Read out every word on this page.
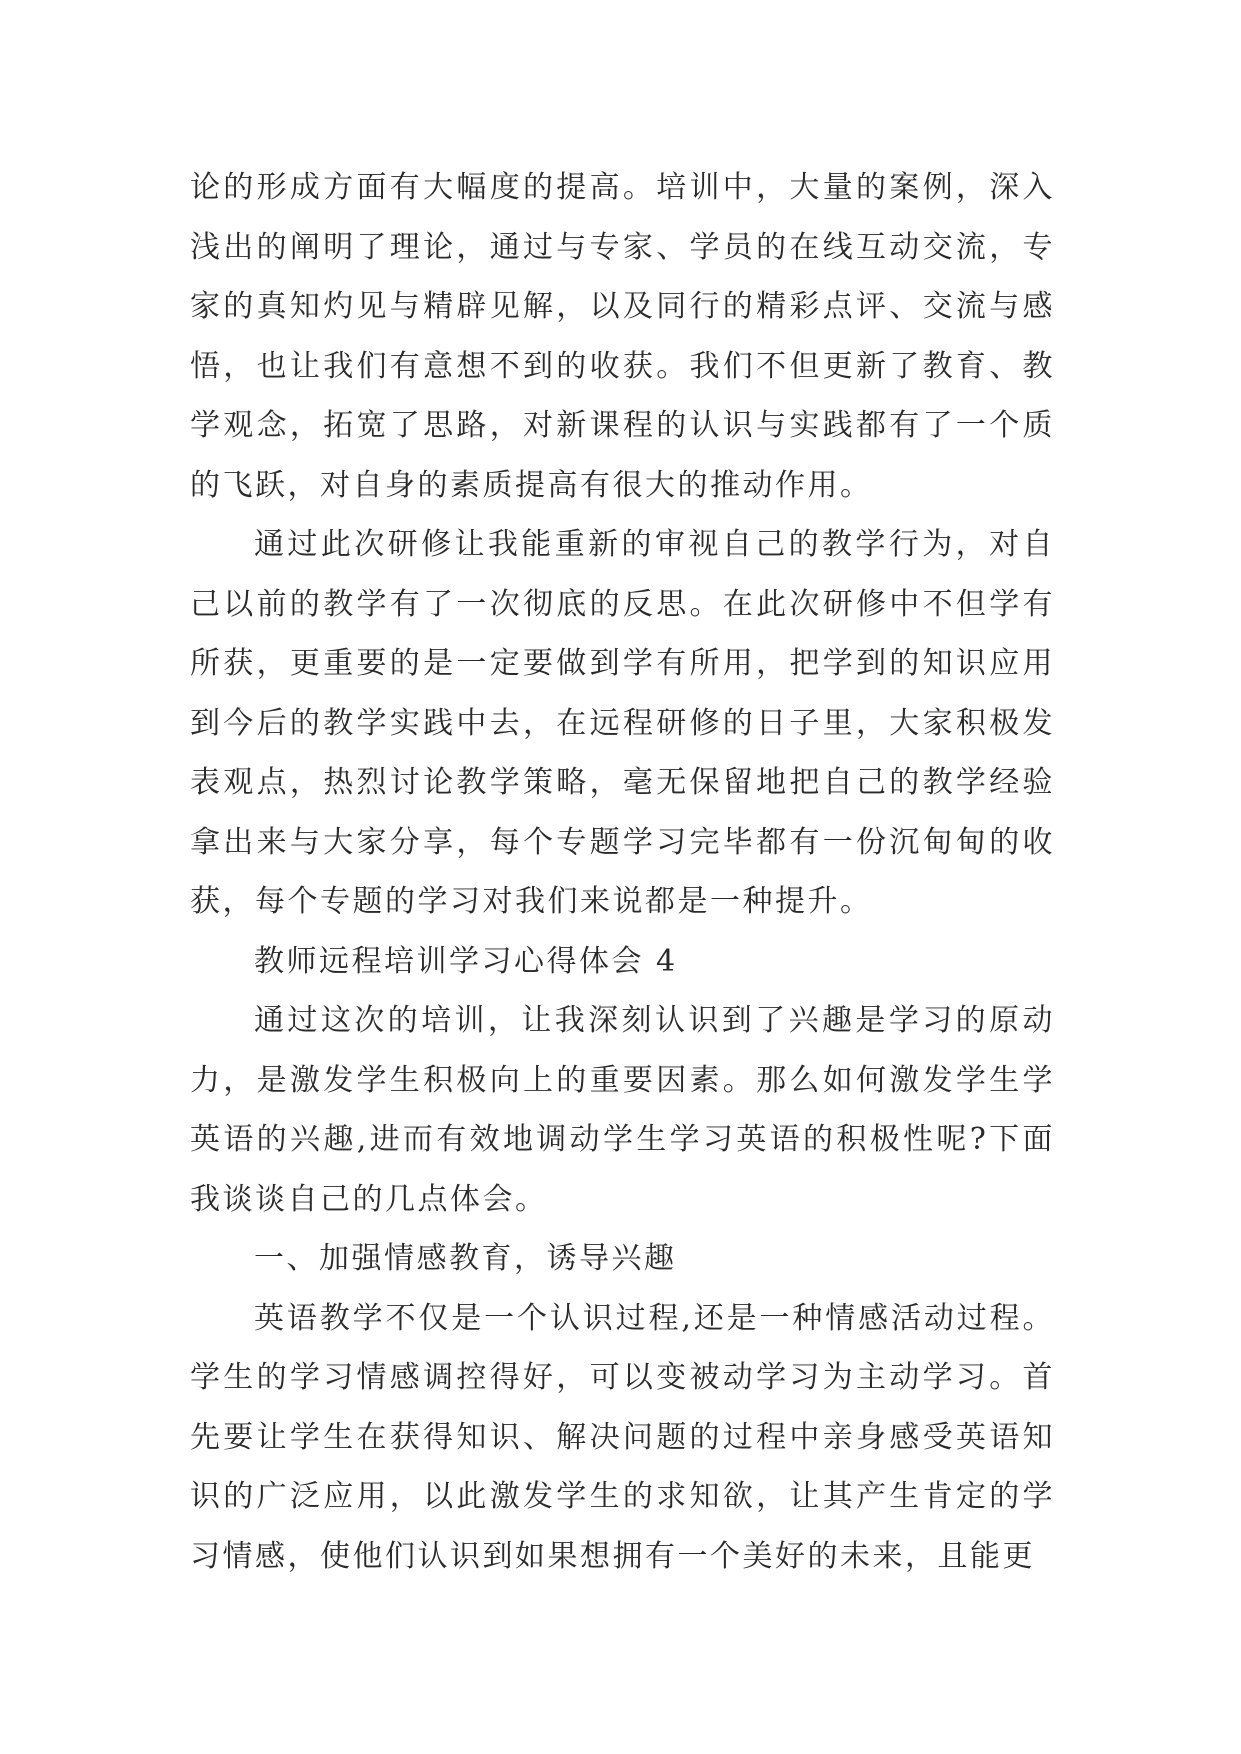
论的形成方面有大幅度的提高。培训中，大量的案例，深入浅出的阐明了理论，通过与专家、学员的在线互动交流，专家的真知灼见与精辟见解，以及同行的精彩点评、交流与感悟，也让我们有意想不到的收获。我们不但更新了教育、教学观念，拓宽了思路，对新课程的认识与实践都有了一个质的飞跃，对自身的素质提高有很大的推动作用。

通过此次研修让我能重新的审视自己的教学行为，对自己以前的教学有了一次彻底的反思。在此次研修中不但学有所获，更重要的是一定要做到学有所用，把学到的知识应用到今后的教学实践中去，在远程研修的日子里，大家积极发表观点，热烈讨论教学策略，毫无保留地把自己的教学经验拿出来与大家分享，每个专题学习完毕都有一份沉甸甸的收获，每个专题的学习对我们来说都是一种提升。

教师远程培训学习心得体会 4

通过这次的培训，让我深刻认识到了兴趣是学习的原动力，是激发学生积极向上的重要因素。那么如何激发学生学英语的兴趣,进而有效地调动学生学习英语的积极性呢?下面我谈谈自己的几点体会。

一、加强情感教育，诱导兴趣

英语教学不仅是一个认识过程,还是一种情感活动过程。学生的学习情感调控得好，可以变被动学习为主动学习。首先要让学生在获得知识、解决问题的过程中亲身感受英语知识的广泛应用，以此激发学生的求知欲，让其产生肯定的学习情感，使他们认识到如果想拥有一个美好的未来，且能更
